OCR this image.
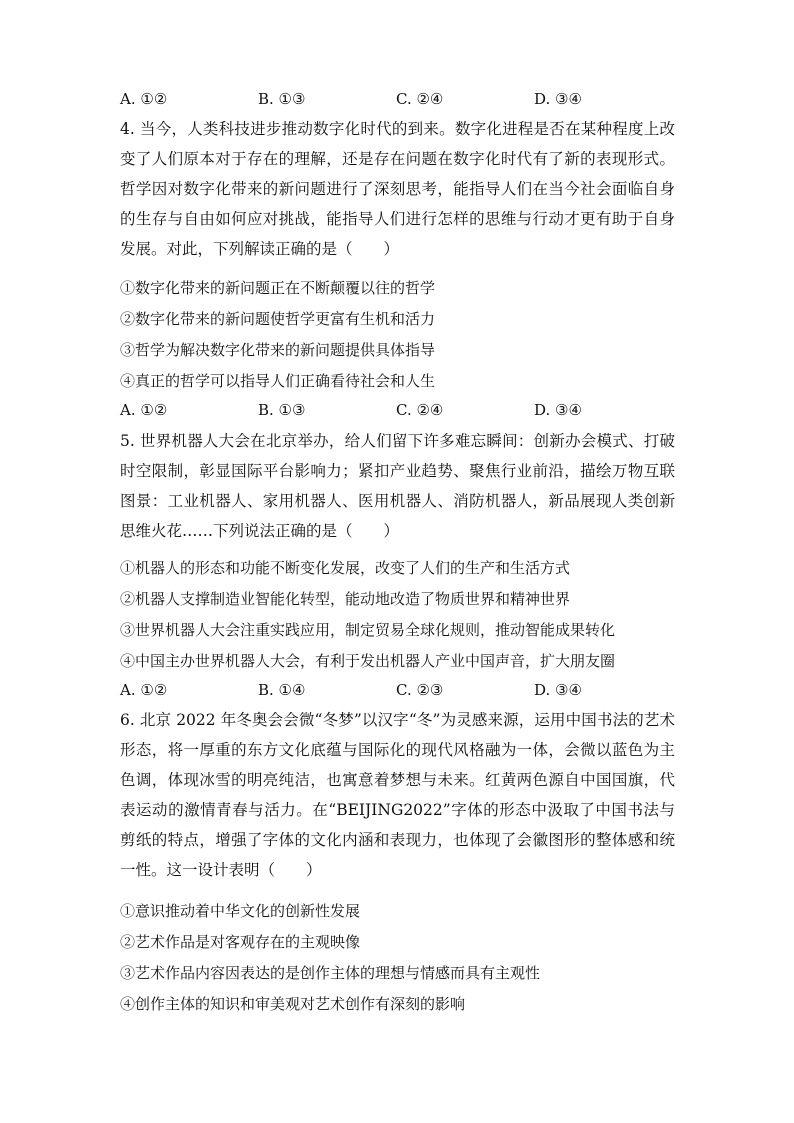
A. ①②	B. ①③	C. ②④	D. ③④
4. 当今，人类科技进步推动数字化时代的到来。数字化进程是否在某种程度上改变了人们原本对于存在的理解，还是存在问题在数字化时代有了新的表现形式。哲学因对数字化带来的新问题进行了深刻思考，能指导人们在当今社会面临自身的生存与自由如何应对挑战，能指导人们进行怎样的思维与行动才更有助于自身发展。对此，下列解读正确的是（　　）
①数字化带来的新问题正在不断颠覆以往的哲学
②数字化带来的新问题使哲学更富有生机和活力
③哲学为解决数字化带来的新问题提供具体指导
④真正的哲学可以指导人们正确看待社会和人生
A. ①②	B. ①③	C. ②④	D. ③④
5. 世界机器人大会在北京举办，给人们留下许多难忘瞬间：创新办会模式、打破时空限制，彰显国际平台影响力；紧扣产业趋势、聚焦行业前沿，描绘万物互联图景：工业机器人、家用机器人、医用机器人、消防机器人，新品展现人类创新思维火花……下列说法正确的是（　　）
①机器人的形态和功能不断变化发展，改变了人们的生产和生活方式
②机器人支撑制造业智能化转型，能动地改造了物质世界和精神世界
③世界机器人大会注重实践应用，制定贸易全球化规则，推动智能成果转化
④中国主办世界机器人大会，有利于发出机器人产业中国声音，扩大朋友圈
A. ①②	B. ①④	C. ②③	D. ③④
6. 北京 2022 年冬奥会会微“冬梦”以汉字“冬”为灵感来源，运用中国书法的艺术形态，将一厚重的东方文化底蕴与国际化的现代风格融为一体，会微以蓝色为主色调，体现冰雪的明亮纯洁，也寓意着梦想与未来。红黄两色源自中国国旗，代表运动的激情青春与活力。在“BEIJING2022”字体的形态中汲取了中国书法与剪纸的特点，增强了字体的文化内涵和表现力，也体现了会徽图形的整体感和统一性。这一设计表明（　　）
①意识推动着中华文化的创新性发展
②艺术作品是对客观存在的主观映像
③艺术作品内容因表达的是创作主体的理想与情感而具有主观性
④创作主体的知识和审美观对艺术创作有深刻的影响
